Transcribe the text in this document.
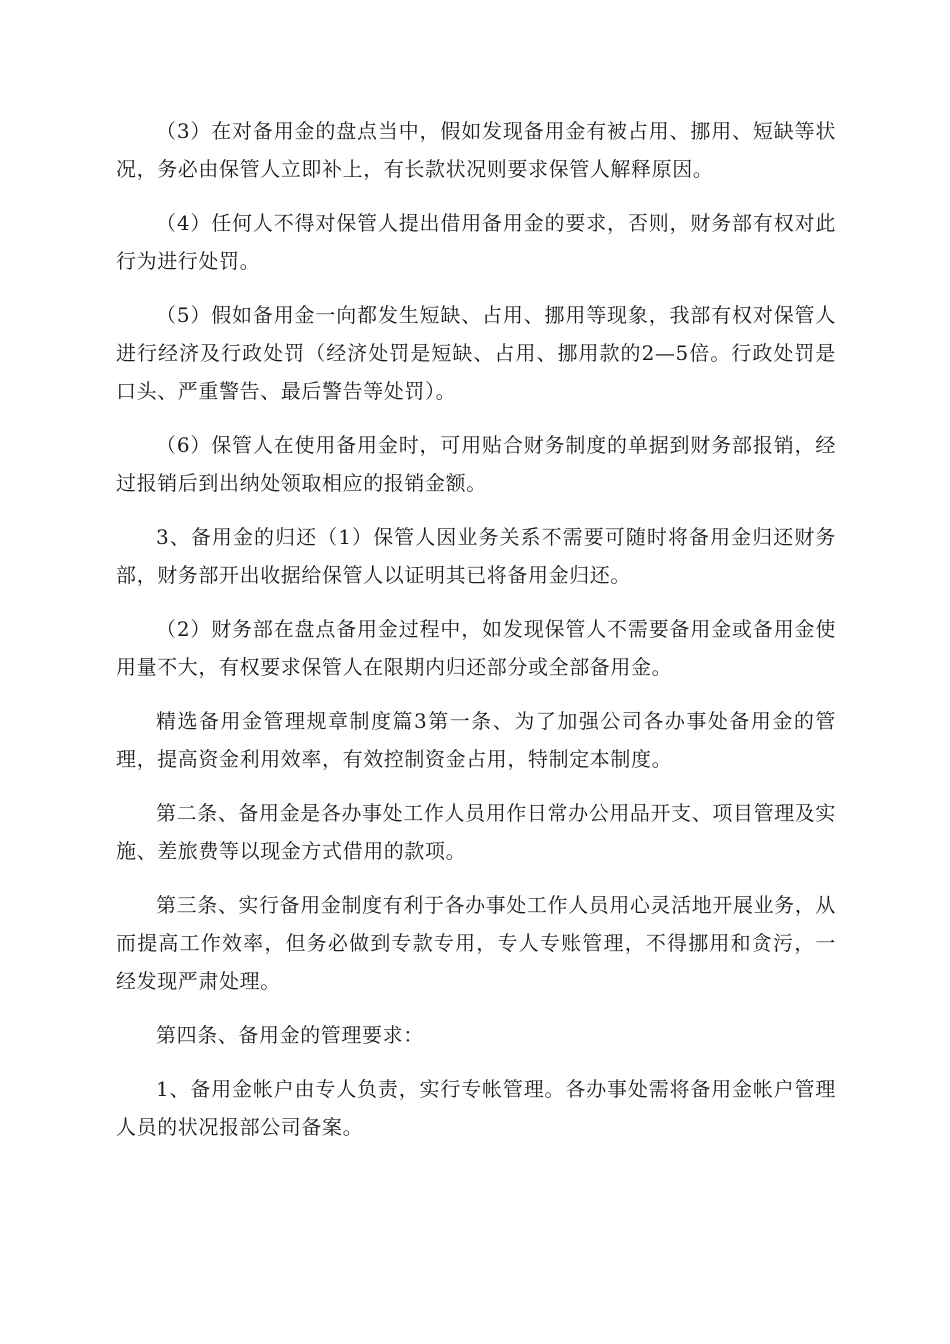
（3）在对备用金的盘点当中，假如发现备用金有被占用、挪用、短缺等状况，务必由保管人立即补上，有长款状况则要求保管人解释原因。

（4）任何人不得对保管人提出借用备用金的要求，否则，财务部有权对此行为进行处罚。

（5）假如备用金一向都发生短缺、占用、挪用等现象，我部有权对保管人进行经济及行政处罚（经济处罚是短缺、占用、挪用款的2—5倍。行政处罚是口头、严重警告、最后警告等处罚）。

（6）保管人在使用备用金时，可用贴合财务制度的单据到财务部报销，经过报销后到出纳处领取相应的报销金额。

3、备用金的归还（1）保管人因业务关系不需要可随时将备用金归还财务部，财务部开出收据给保管人以证明其已将备用金归还。

（2）财务部在盘点备用金过程中，如发现保管人不需要备用金或备用金使用量不大，有权要求保管人在限期内归还部分或全部备用金。

精选备用金管理规章制度篇3第一条、为了加强公司各办事处备用金的管理，提高资金利用效率，有效控制资金占用，特制定本制度。

第二条、备用金是各办事处工作人员用作日常办公用品开支、项目管理及实施、差旅费等以现金方式借用的款项。

第三条、实行备用金制度有利于各办事处工作人员用心灵活地开展业务，从而提高工作效率，但务必做到专款专用，专人专账管理，不得挪用和贪污，一经发现严肃处理。

第四条、备用金的管理要求：

1、备用金帐户由专人负责，实行专帐管理。各办事处需将备用金帐户管理人员的状况报部公司备案。
